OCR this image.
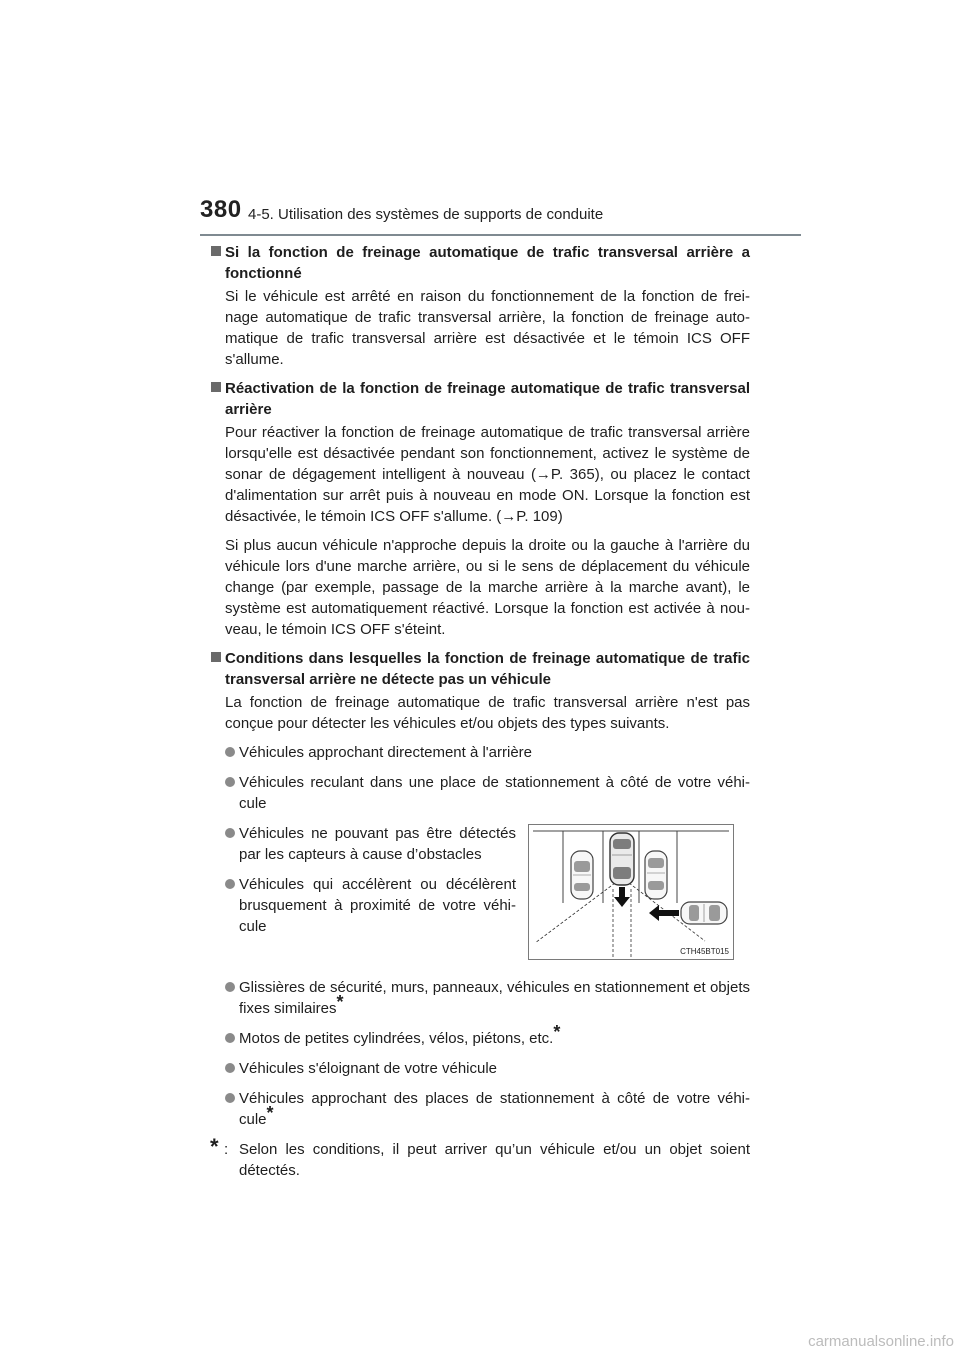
380 4-5. Utilisation des systèmes de supports de conduite
Si la fonction de freinage automatique de trafic transversal arrière a fonctionné

Si le véhicule est arrêté en raison du fonctionnement de la fonction de frei-nage automatique de trafic transversal arrière, la fonction de freinage auto-matique de trafic transversal arrière est désactivée et le témoin ICS OFF s'allume.

Réactivation de la fonction de freinage automatique de trafic transversal arrière

Pour réactiver la fonction de freinage automatique de trafic transversal arrière lorsqu'elle est désactivée pendant son fonctionnement, activez le système de sonar de dégagement intelligent à nouveau (→P. 365), ou placez le contact d'alimentation sur arrêt puis à nouveau en mode ON. Lorsque la fonction est désactivée, le témoin ICS OFF s'allume. (→P. 109)

Si plus aucun véhicule n'approche depuis la droite ou la gauche à l'arrière du véhicule lors d'une marche arrière, ou si le sens de déplacement du véhicule change (par exemple, passage de la marche arrière à la marche avant), le système est automatiquement réactivé. Lorsque la fonction est activée à nou-veau, le témoin ICS OFF s'éteint.

Conditions dans lesquelles la fonction de freinage automatique de trafic transversal arrière ne détecte pas un véhicule

La fonction de freinage automatique de trafic transversal arrière n'est pas conçue pour détecter les véhicules et/ou objets des types suivants.

Véhicules approchant directement à l'arrière
Véhicules reculant dans une place de stationnement à côté de votre véhi-cule
Véhicules ne pouvant pas être détectés par les capteurs à cause d’obstacles
Véhicules qui accélèrent ou décélèrent brusquement à proximité de votre véhi-cule
CTH45BT015
Glissières de sécurité, murs, panneaux, véhicules en stationnement et objets fixes similaires*
Motos de petites cylindrées, vélos, piétons, etc.*
Véhicules s'éloignant de votre véhicule
Véhicules approchant des places de stationnement à côté de votre véhi-cule*
* : Selon les conditions, il peut arriver qu’un véhicule et/ou un objet soient détectés.
carmanualsonline.info
